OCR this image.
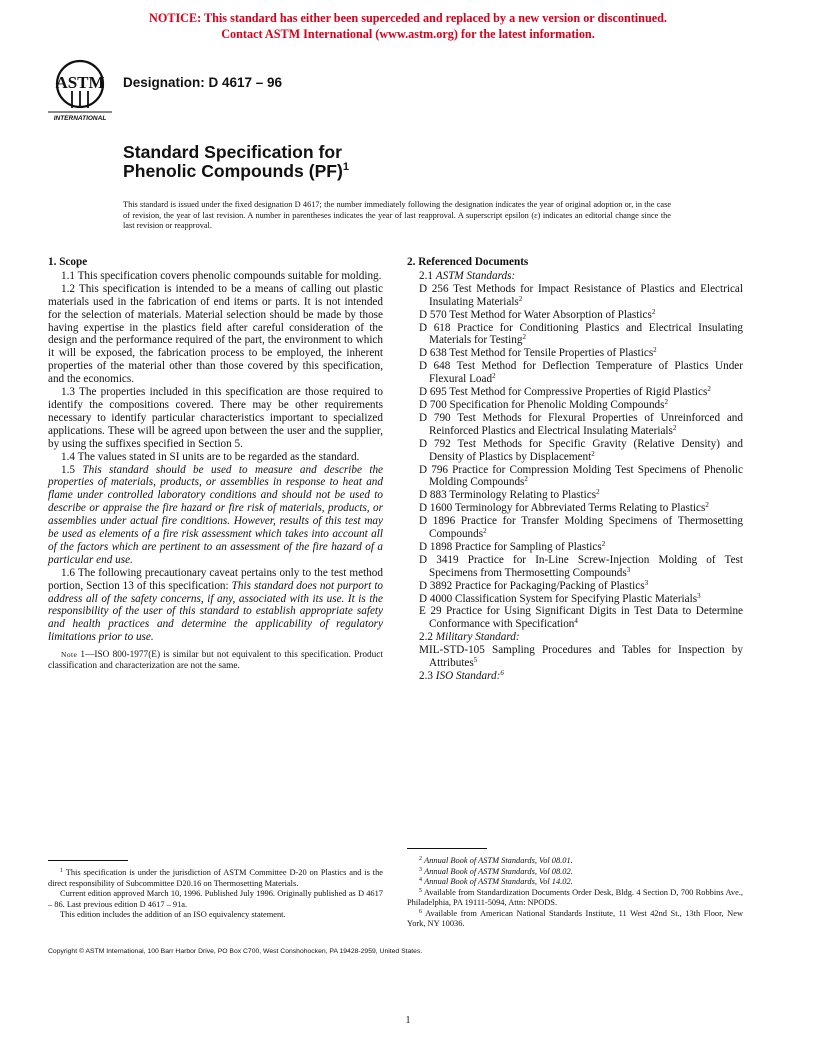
NOTICE: This standard has either been superceded and replaced by a new version or discontinued.
Contact ASTM International (www.astm.org) for the latest information.
ASTM
INTERNATIONAL
Designation: D 4617 – 96
Standard Specification for
Phenolic Compounds (PF)$^1$
This standard is issued under the fixed designation D 4617; the number immediately following the designation indicates the year of original adoption or, in the case of revision, the year of last revision. A number in parentheses indicates the year of last reapproval. A superscript epsilon (ε) indicates an editorial change since the last revision or reapproval.
1. Scope

1.1 This specification covers phenolic compounds suitable for molding.

1.2 This specification is intended to be a means of calling out plastic materials used in the fabrication of end items or parts. It is not intended for the selection of materials. Material selection should be made by those having expertise in the plastics field after careful consideration of the design and the performance required of the part, the environment to which it will be exposed, the fabrication process to be employed, the inherent properties of the material other than those covered by this specification, and the economics.

1.3 The properties included in this specification are those required to identify the compositions covered. There may be other requirements necessary to identify particular characteristics important to specialized applications. These will be agreed upon between the user and the supplier, by using the suffixes specified in Section 5.

1.4 The values stated in SI units are to be regarded as the standard.

1.5 This standard should be used to measure and describe the properties of materials, products, or assemblies in response to heat and flame under controlled laboratory conditions and should not be used to describe or appraise the fire hazard or fire risk of materials, products, or assemblies under actual fire conditions. However, results of this test may be used as elements of a fire risk assessment which takes into account all of the factors which are pertinent to an assessment of the fire hazard of a particular end use.

1.6 The following precautionary caveat pertains only to the test method portion, Section 13 of this specification: This standard does not purport to address all of the safety concerns, if any, associated with its use. It is the responsibility of the user of this standard to establish appropriate safety and health practices and determine the applicability of regulatory limitations prior to use.

Note 1—ISO 800-1977(E) is similar but not equivalent to this specification. Product classification and characterization are not the same.

2. Referenced Documents

2.1 ASTM Standards:

D 256 Test Methods for Impact Resistance of Plastics and Electrical Insulating Materials$^2$

D 570 Test Method for Water Absorption of Plastics$^2$

D 618 Practice for Conditioning Plastics and Electrical Insulating Materials for Testing$^2$

D 638 Test Method for Tensile Properties of Plastics$^2$

D 648 Test Method for Deflection Temperature of Plastics Under Flexural Load$^2$

D 695 Test Method for Compressive Properties of Rigid Plastics$^2$

D 700 Specification for Phenolic Molding Compounds$^2$

D 790 Test Methods for Flexural Properties of Unreinforced and Reinforced Plastics and Electrical Insulating Materials$^2$

D 792 Test Methods for Specific Gravity (Relative Density) and Density of Plastics by Displacement$^2$

D 796 Practice for Compression Molding Test Specimens of Phenolic Molding Compounds$^2$

D 883 Terminology Relating to Plastics$^2$

D 1600 Terminology for Abbreviated Terms Relating to Plastics$^2$

D 1896 Practice for Transfer Molding Specimens of Thermosetting Compounds$^2$

D 1898 Practice for Sampling of Plastics$^2$

D 3419 Practice for In-Line Screw-Injection Molding of Test Specimens from Thermosetting Compounds$^3$

D 3892 Practice for Packaging/Packing of Plastics$^3$

D 4000 Classification System for Specifying Plastic Materials$^3$

E 29 Practice for Using Significant Digits in Test Data to Determine Conformance with Specification$^4$

2.2 Military Standard:

MIL-STD-105 Sampling Procedures and Tables for Inspection by Attributes$^5$

2.3 ISO Standard:$^6$

$^1$ This specification is under the jurisdiction of ASTM Committee D-20 on Plastics and is the direct responsibility of Subcommittee D20.16 on Thermosetting Materials.

Current edition approved March 10, 1996. Published July 1996. Originally published as D 4617 – 86. Last previous edition D 4617 – 91a.

This edition includes the addition of an ISO equivalency statement.

$^2$ Annual Book of ASTM Standards, Vol 08.01.

$^3$ Annual Book of ASTM Standards, Vol 08.02.

$^4$ Annual Book of ASTM Standards, Vol 14.02.

$^5$ Available from Standardization Documents Order Desk, Bldg. 4 Section D, 700 Robbins Ave., Philadelphia, PA 19111-5094, Attn: NPODS.

$^6$ Available from American National Standards Institute, 11 West 42nd St., 13th Floor, New York, NY 10036.

Copyright © ASTM International, 100 Barr Harbor Drive, PO Box C700, West Conshohocken, PA 19428-2959, United States.
1
